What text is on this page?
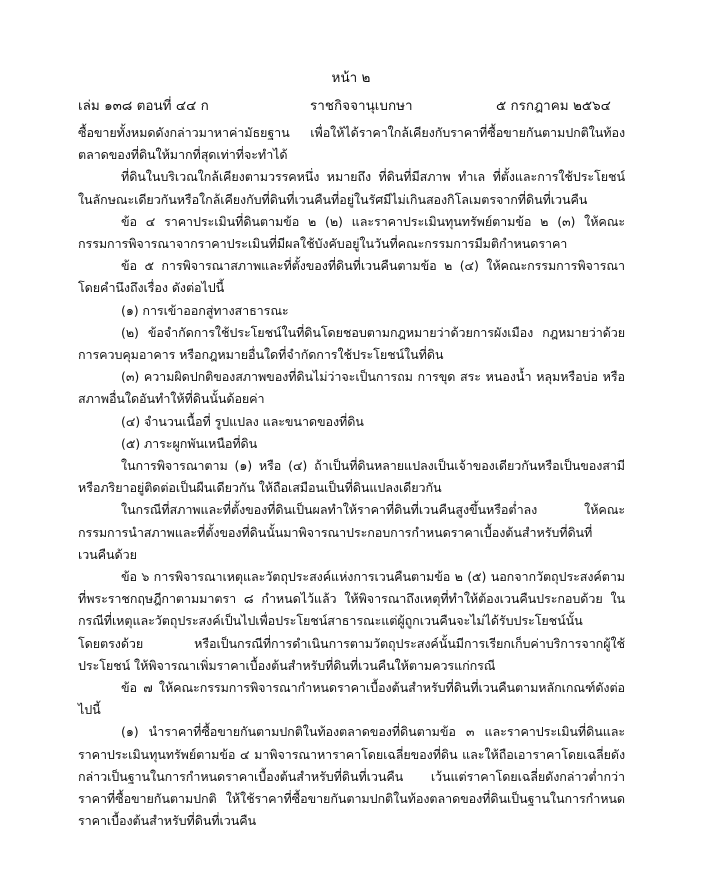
หน้า ๒
เล่ม ๑๓๘ ตอนที่ ๔๔ ก	ราชกิจจานุเบกษา	๕ กรกฎาคม ๒๕๖๔

ซื้อขายทั้งหมดดังกล่าวมาหาค่ามัธยฐาน เพื่อให้ได้ราคาใกล้เคียงกับราคาที่ซื้อขายกันตามปกติในท้องตลาดของที่ดินให้มากที่สุดเท่าที่จะทำได้

ที่ดินในบริเวณใกล้เคียงตามวรรคหนึ่ง หมายถึง ที่ดินที่มีสภาพ ทำเล ที่ตั้งและการใช้ประโยชน์ในลักษณะเดียวกันหรือใกล้เคียงกับที่ดินที่เวนคืนที่อยู่ในรัศมีไม่เกินสองกิโลเมตรจากที่ดินที่เวนคืน

ข้อ ๔ ราคาประเมินที่ดินตามข้อ ๒ (๒) และราคาประเมินทุนทรัพย์ตามข้อ ๒ (๓) ให้คณะกรรมการพิจารณาจากราคาประเมินที่มีผลใช้บังคับอยู่ในวันที่คณะกรรมการมีมติกำหนดราคา

ข้อ ๕ การพิจารณาสภาพและที่ตั้งของที่ดินที่เวนคืนตามข้อ ๒ (๔) ให้คณะกรรมการพิจารณาโดยคำนึงถึงเรื่อง ดังต่อไปนี้

(๑) การเข้าออกสู่ทางสาธารณะ

(๒) ข้อจำกัดการใช้ประโยชน์ในที่ดินโดยชอบตามกฎหมายว่าด้วยการผังเมือง กฎหมายว่าด้วยการควบคุมอาคาร หรือกฎหมายอื่นใดที่จำกัดการใช้ประโยชน์ในที่ดิน

(๓) ความผิดปกติของสภาพของที่ดินไม่ว่าจะเป็นการถม การขุด สระ หนองน้ำ หลุมหรือบ่อ หรือสภาพอื่นใดอันทำให้ที่ดินนั้นด้อยค่า

(๔) จำนวนเนื้อที่ รูปแปลง และขนาดของที่ดิน

(๕) ภาระผูกพันเหนือที่ดิน

ในการพิจารณาตาม (๑) หรือ (๔) ถ้าเป็นที่ดินหลายแปลงเป็นเจ้าของเดียวกันหรือเป็นของสามีหรือภริยาอยู่ติดต่อเป็นผืนเดียวกัน ให้ถือเสมือนเป็นที่ดินแปลงเดียวกัน

ในกรณีที่สภาพและที่ตั้งของที่ดินเป็นผลทำให้ราคาที่ดินที่เวนคืนสูงขึ้นหรือต่ำลง ให้คณะกรรมการนำสภาพและที่ตั้งของที่ดินนั้นมาพิจารณาประกอบการกำหนดราคาเบื้องต้นสำหรับที่ดินที่เวนคืนด้วย

ข้อ ๖ การพิจารณาเหตุและวัตถุประสงค์แห่งการเวนคืนตามข้อ ๒ (๕) นอกจากวัตถุประสงค์ตามที่พระราชกฤษฎีกาตามมาตรา ๘ กำหนดไว้แล้ว ให้พิจารณาถึงเหตุที่ทำให้ต้องเวนคืนประกอบด้วย ในกรณีที่เหตุและวัตถุประสงค์เป็นไปเพื่อประโยชน์สาธารณะแต่ผู้ถูกเวนคืนจะไม่ได้รับประโยชน์นั้นโดยตรงด้วย หรือเป็นกรณีที่การดำเนินการตามวัตถุประสงค์นั้นมีการเรียกเก็บค่าบริการจากผู้ใช้ประโยชน์ ให้พิจารณาเพิ่มราคาเบื้องต้นสำหรับที่ดินที่เวนคืนให้ตามควรแก่กรณี

ข้อ ๗ ให้คณะกรรมการพิจารณากำหนดราคาเบื้องต้นสำหรับที่ดินที่เวนคืนตามหลักเกณฑ์ดังต่อไปนี้

(๑) นำราคาที่ซื้อขายกันตามปกติในท้องตลาดของที่ดินตามข้อ ๓ และราคาประเมินที่ดินและราคาประเมินทุนทรัพย์ตามข้อ ๔ มาพิจารณาหาราคาโดยเฉลี่ยของที่ดิน และให้ถือเอาราคาโดยเฉลี่ยดังกล่าวเป็นฐานในการกำหนดราคาเบื้องต้นสำหรับที่ดินที่เวนคืน เว้นแต่ราคาโดยเฉลี่ยดังกล่าวต่ำกว่าราคาที่ซื้อขายกันตามปกติ ให้ใช้ราคาที่ซื้อขายกันตามปกติในท้องตลาดของที่ดินเป็นฐานในการกำหนดราคาเบื้องต้นสำหรับที่ดินที่เวนคืน
